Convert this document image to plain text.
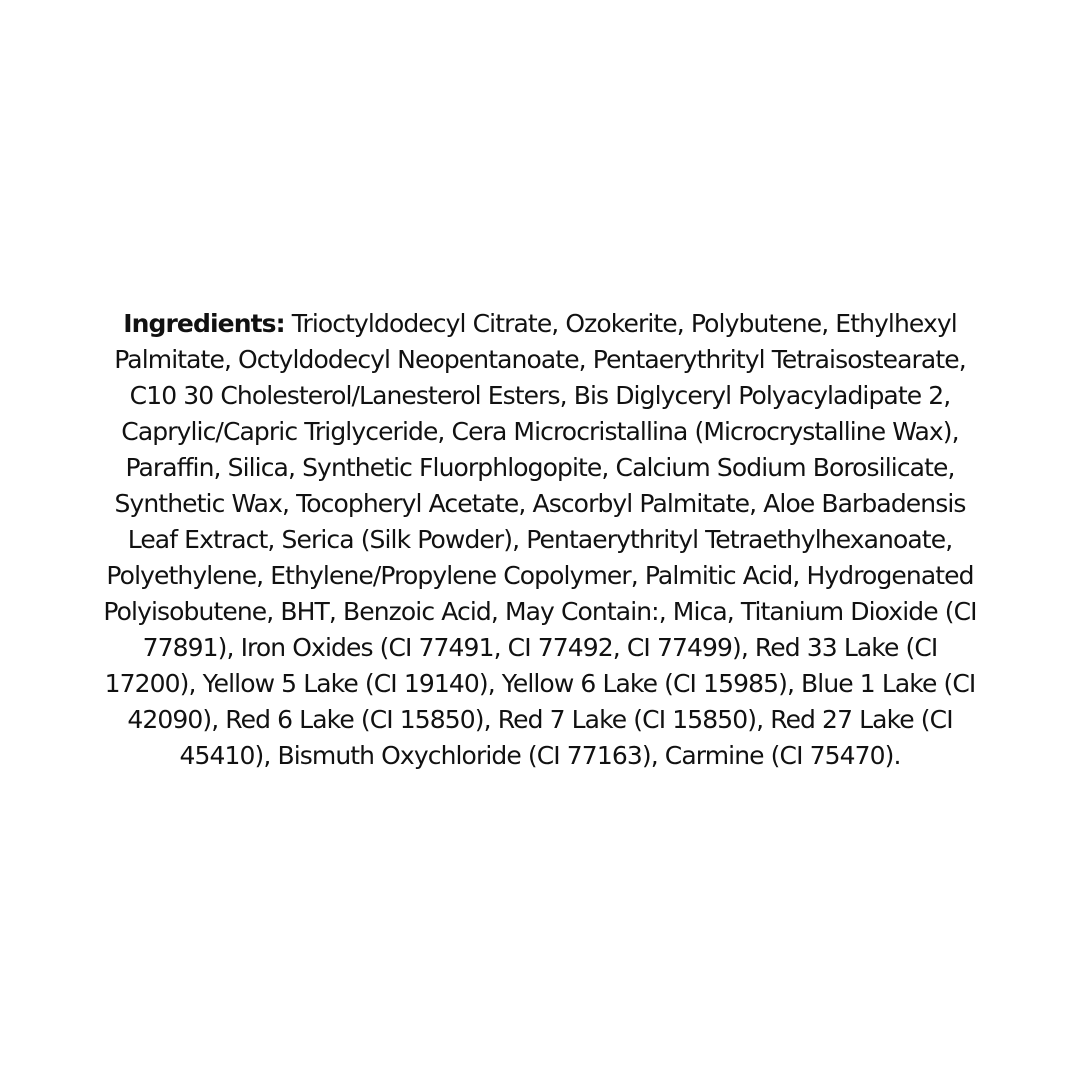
Ingredients: Trioctyldodecyl Citrate, Ozokerite, Polybutene, Ethylhexyl Palmitate, Octyldodecyl Neopentanoate, Pentaerythrityl Tetraisostearate, C10 30 Cholesterol/Lanesterol Esters, Bis Diglyceryl Polyacyladipate 2, Caprylic/Capric Triglyceride, Cera Microcristallina (Microcrystalline Wax), Paraffin, Silica, Synthetic Fluorphlogopite, Calcium Sodium Borosilicate, Synthetic Wax, Tocopheryl Acetate, Ascorbyl Palmitate, Aloe Barbadensis Leaf Extract, Serica (Silk Powder), Pentaerythrityl Tetraethylhexanoate, Polyethylene, Ethylene/Propylene Copolymer, Palmitic Acid, Hydrogenated Polyisobutene, BHT, Benzoic Acid, May Contain:, Mica, Titanium Dioxide (CI 77891), Iron Oxides (CI 77491, CI 77492, CI 77499), Red 33 Lake (CI 17200), Yellow 5 Lake (CI 19140), Yellow 6 Lake (CI 15985), Blue 1 Lake (CI 42090), Red 6 Lake (CI 15850), Red 7 Lake (CI 15850), Red 27 Lake (CI 45410), Bismuth Oxychloride (CI 77163), Carmine (CI 75470).
